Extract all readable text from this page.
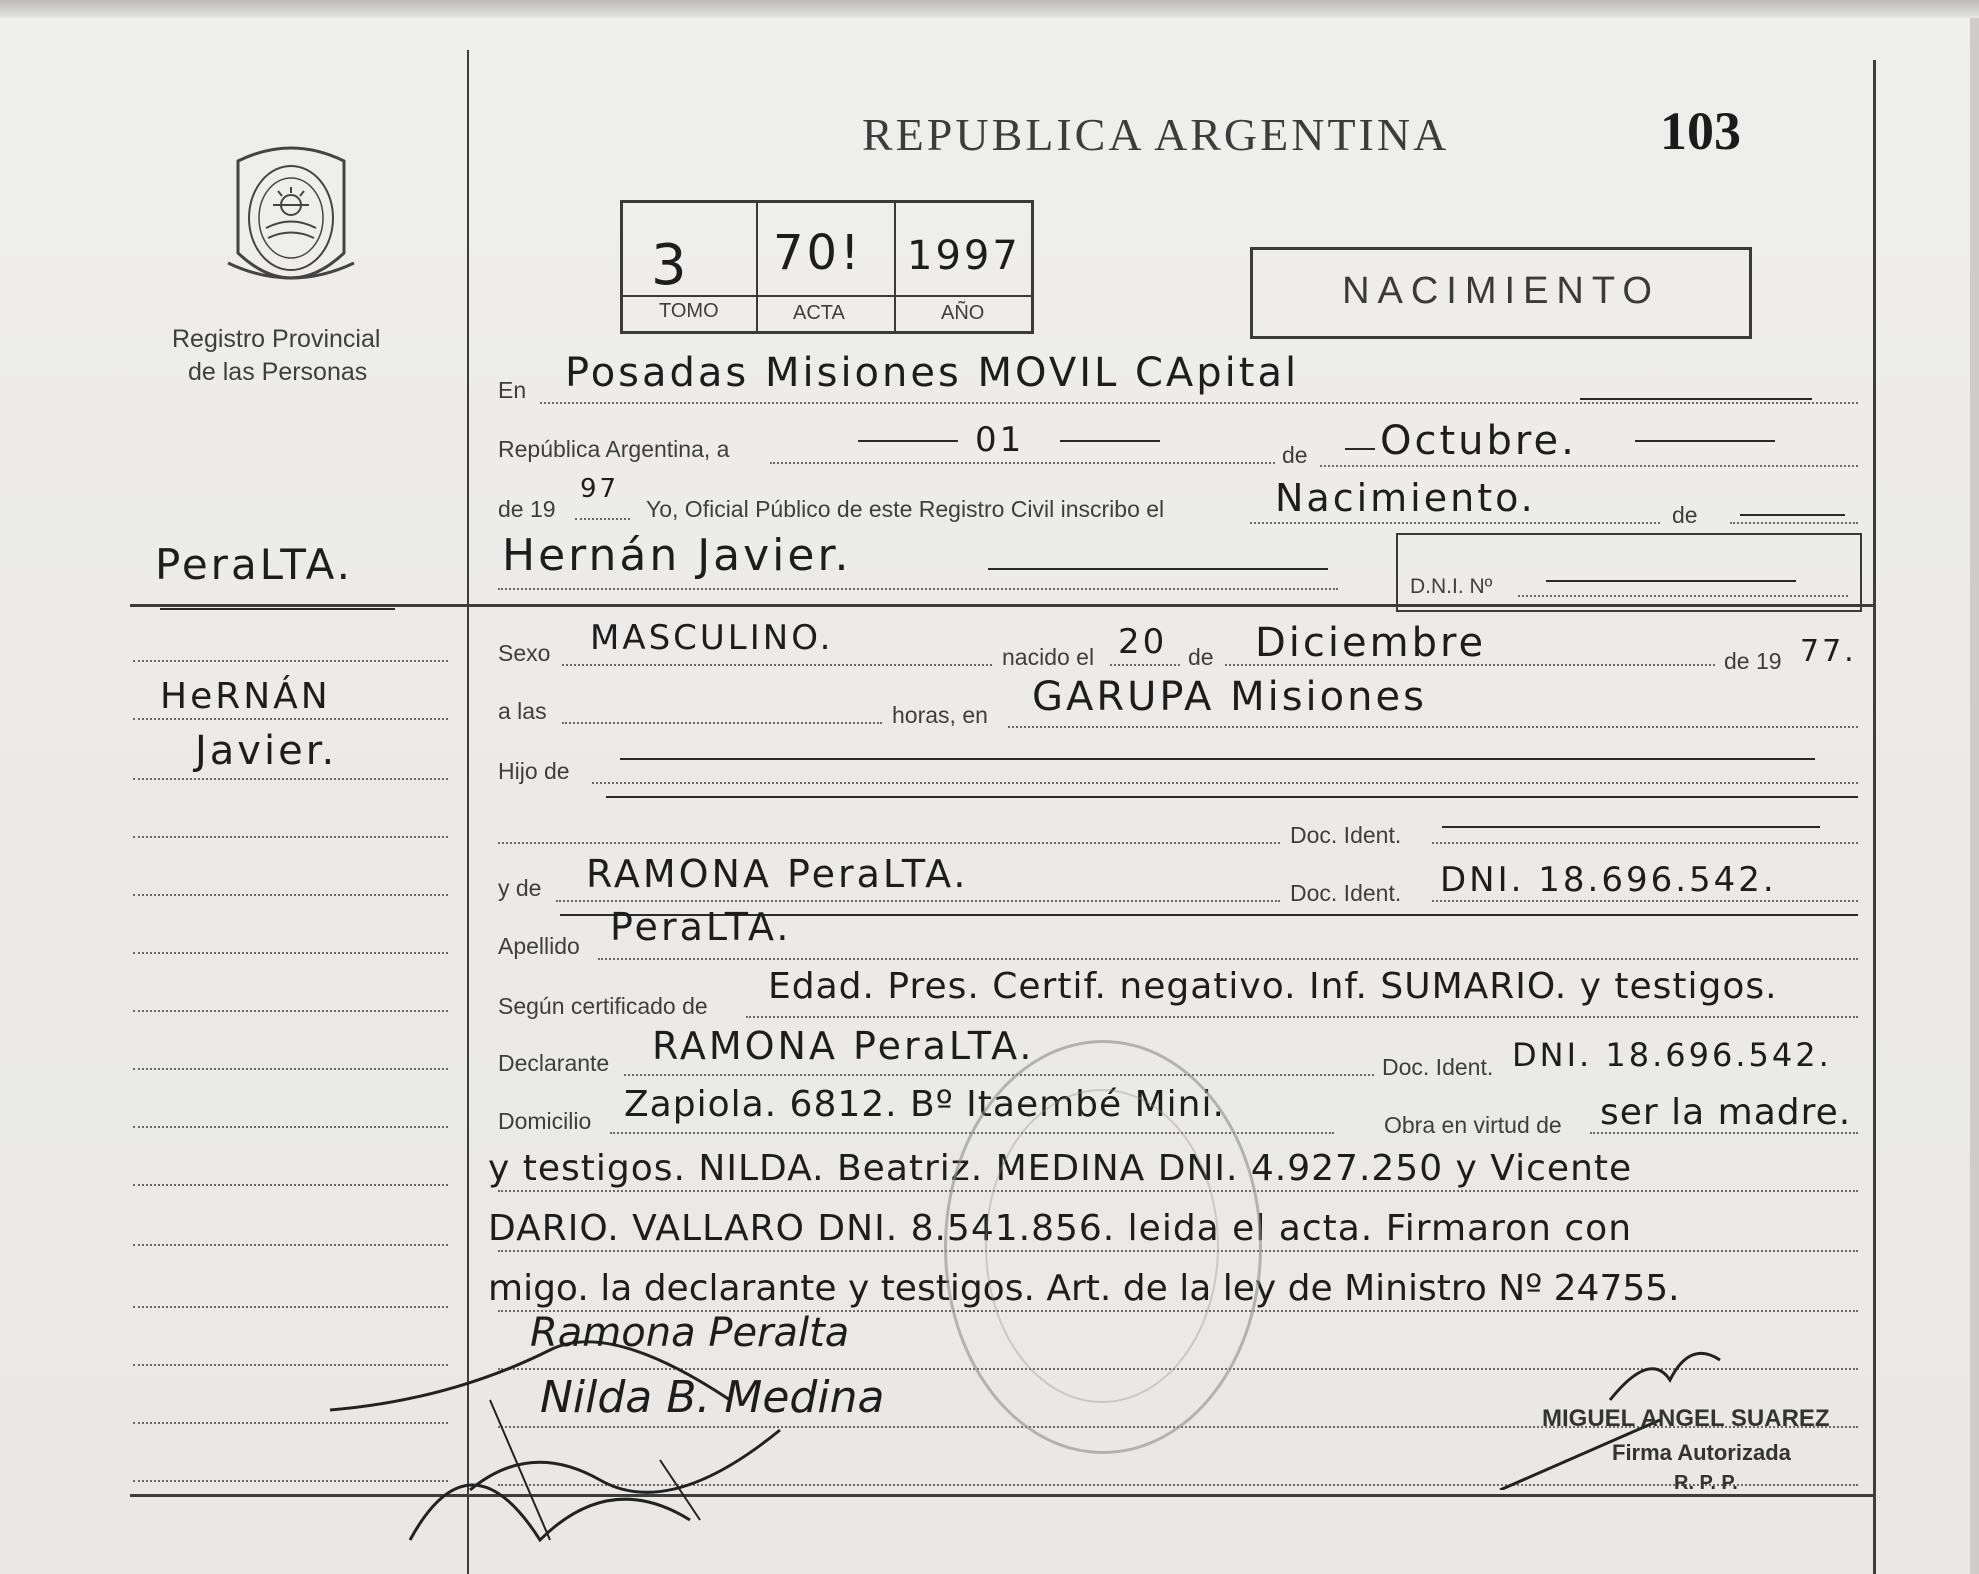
Registro Provincial
de las Personas
REPUBLICA ARGENTINA	103
3 70! 1997
TOMO	ACTA	AÑO
NACIMIENTO
PeraLTA.
HeRNÁN
Javier.
En Posadas Misiones MOVIL CApital
República Argentina, a	01	de Octubre.
de 19
97
Yo, Oficial Público de este Registro Civil inscribo el	Nacimiento.	de
Hernán Javier.
D.N.I. Nº
Sexo MASCULINO.	nacido el 20 de Diciembre	de 19 77.
a las	horas, en GARUPA Misiones
Hijo de
Doc. Ident.
y de RAMONA PeraLTA.	Doc. Ident. DNI. 18.696.542.
Apellido PeraLTA.
Según certificado de Edad. Pres. Certif. negativo. Inf. SUMARIO. y testigos.
Declarante RAMONA PeraLTA.	Doc. Ident. DNI. 18.696.542.
Domicilio Zapiola. 6812. Bº Itaembé Mini.	Obra en virtud de ser la madre.
y testigos. NILDA. Beatriz. MEDINA DNI. 4.927.250 y Vicente
DARIO. VALLARO DNI. 8.541.856. leida el acta. Firmaron con
migo. la declarante y testigos. Art. de la ley de Ministro Nº 24755.
Ramona Peralta
Nilda B. Medina	MIGUEL ANGEL SUAREZ
Firma Autorizada
R. P. P.
